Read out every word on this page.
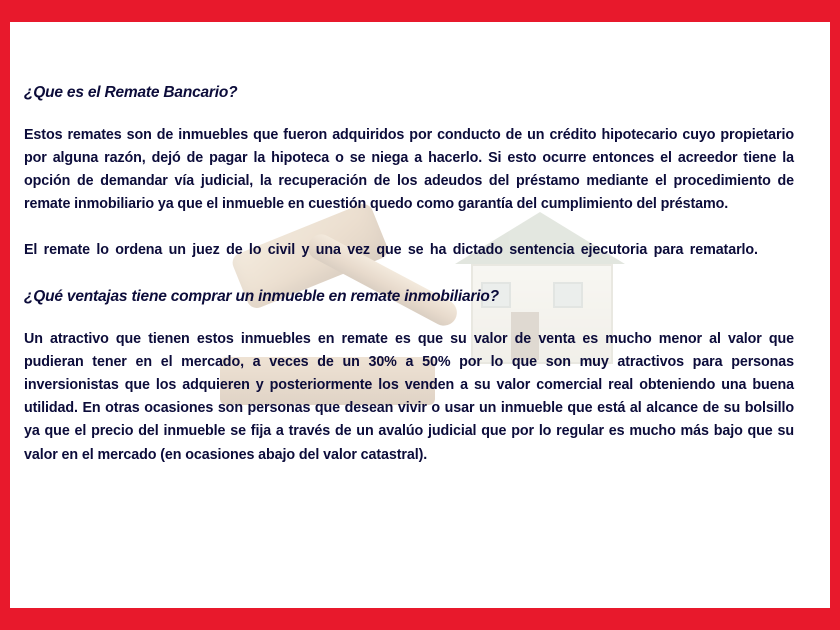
¿Que es el Remate Bancario?

Estos remates son de inmuebles que fueron adquiridos por conducto de un crédito hipotecario cuyo propietario por alguna razón, dejó de pagar la hipoteca o se niega a hacerlo. Si esto ocurre entonces el acreedor tiene la opción de demandar vía judicial, la recuperación de los adeudos del préstamo mediante el procedimiento de remate inmobiliario ya que el inmueble en cuestión quedo como garantía del cumplimiento del préstamo.

El remate lo ordena un juez de lo civil y una vez que se ha dictado sentencia ejecutoria para rematarlo.

¿Qué ventajas tiene comprar un inmueble en remate inmobiliario?

Un atractivo que tienen estos inmuebles en remate es que su valor de venta es mucho menor al valor que pudieran tener en el mercado, a veces de un 30% a 50% por lo que son muy atractivos para personas inversionistas que los adquieren y posteriormente los venden a su valor comercial real obteniendo una buena utilidad. En otras ocasiones son personas que desean vivir o usar un inmueble que está al alcance de su bolsillo ya que el precio del inmueble se fija a través de un avalúo judicial que por lo regular es mucho más bajo que su valor en el mercado (en ocasiones abajo del valor catastral).
